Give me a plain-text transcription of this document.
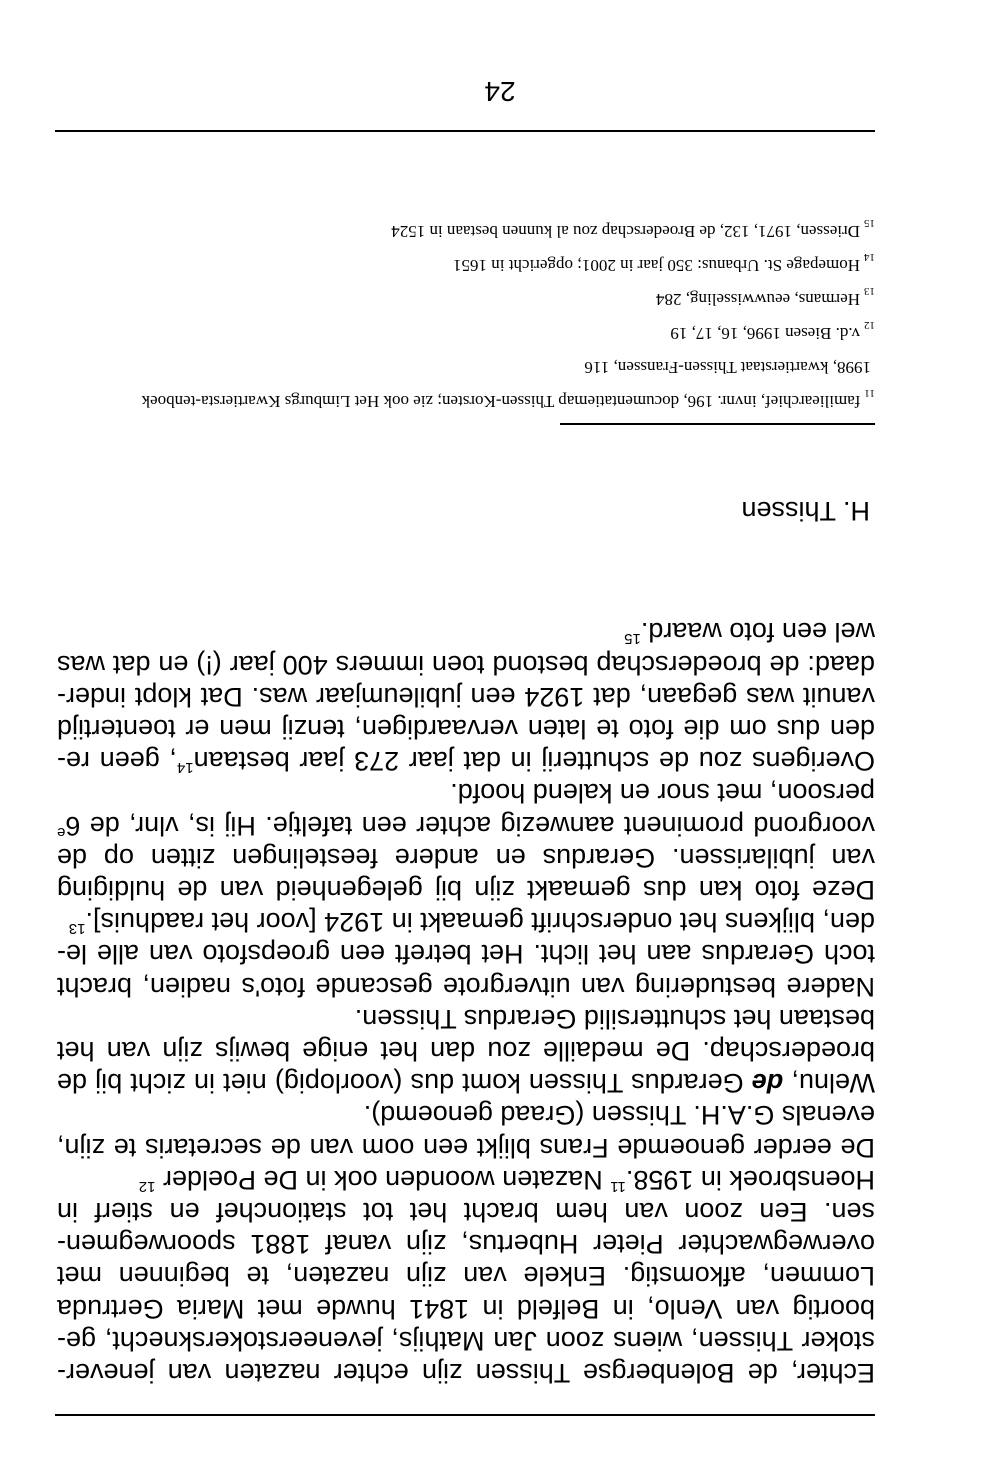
Echter, de Bolenbergse Thissen zijn echter nazaten van jenever-stoker Thissen, wiens zoon Jan Mathijs, jeveneerstokersknecht, ge-boortig van Venlo, in Belfeld in 1841 huwde met Maria Gertruda Lommen, afkomstig. Enkele van zijn nazaten, te beginnen met overwegwachter Pieter Hubertus, zijn vanaf 1881 spoorwegmen-sen. Een zoon van hem bracht het tot stationchef en stierf in Hoensbroek in 1958.11 Nazaten woonden ook in De Poelder $^{12}$

De eerder genoemde Frans blijkt een oom van de secretaris te zijn, evenals G.A.H. Thissen (Graad genoemd).

Welnu, de Gerardus Thissen komt dus (voorlopig) niet in zicht bij de broederschap. De medaille zou dan het enige bewijs zijn van het bestaan het schuttersilid Gerardus Thissen.

Nadere bestudering van uitvergrote gescande foto's nadien, bracht toch Gerardus aan het licht. Het betreft een groepsfoto van alle le-den, blijkens het onderschrift gemaakt in 1924 [voor het raadhuis].$^{13}$

Deze foto kan dus gemaakt zijn bij gelegenheid van de huldiging van jubilarissen. Gerardus en andere feestelingen zitten op de voorgrond prominent aanwezig achter een tafeltje. Hij is, vlnr, de 6e persoon, met snor en kalend hoofd.

Overigens zou de schutterij in dat jaar 273 jaar bestaan$^{14}$, geen re-den dus om die foto te laten vervaardigen, tenzij men er toentertijd vanuit was gegaan, dat 1924 een jubileumjaar was. Dat klopt inder-daad: de broederschap bestond toen immers 400 jaar (!) en dat was wel een foto waard.$^{15}$

H. Thissen
$_{11}$familiearchief, invnr. 196, documentatiemap Thissen-Korsten; zie ook Het Limburgs Kwartiersta-tenboek
1998, kwartierstaat Thissen-Franssen, 116
$_{12}$v.d. Biesen 1996, 16, 17, 19
$_{13}$Hermans, eeuwwisseling, 284
$_{14}$Homepage St. Urbanus: 350 jaar in 2001; opgericht in 1651
$_{15}$Driessen, 1971, 132, de Broederschap zou al kunnen bestaan in 1524
24
